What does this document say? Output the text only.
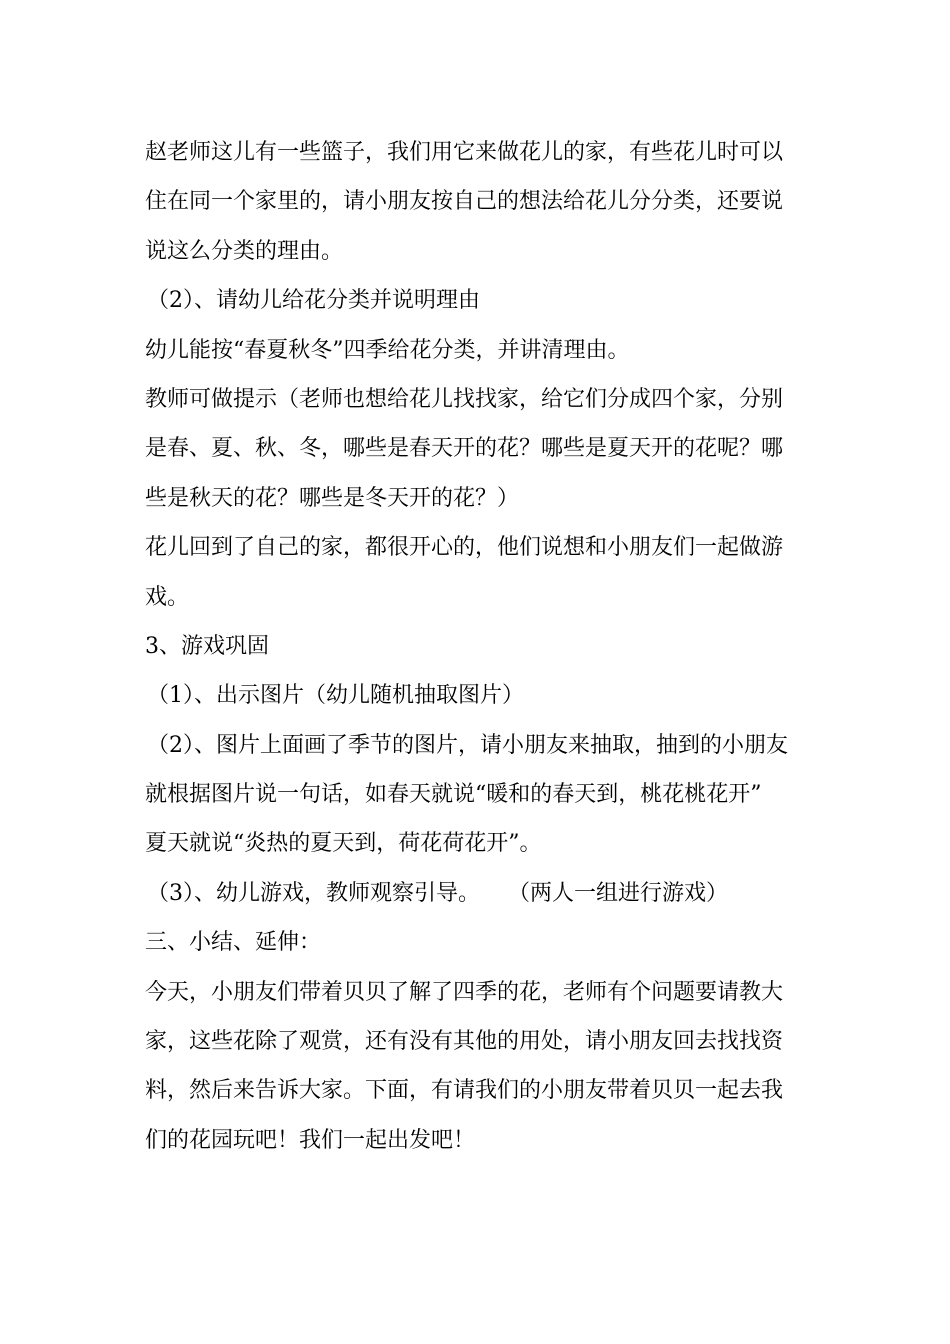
赵老师这儿有一些篮子，我们用它来做花儿的家，有些花儿时可以
住在同一个家里的，请小朋友按自己的想法给花儿分分类，还要说
说这么分类的理由。
（2）、请幼儿给花分类并说明理由
幼儿能按“春夏秋冬”四季给花分类，并讲清理由。
教师可做提示（老师也想给花儿找找家，给它们分成四个家，分别
是春、夏、秋、冬，哪些是春天开的花？哪些是夏天开的花呢？哪
些是秋天的花？哪些是冬天开的花？）
花儿回到了自己的家，都很开心的，他们说想和小朋友们一起做游
戏。
3、游戏巩固
（1）、出示图片（幼儿随机抽取图片）
（2）、图片上面画了季节的图片，请小朋友来抽取，抽到的小朋友
就根据图片说一句话，如春天就说“暖和的春天到，桃花桃花开”
夏天就说“炎热的夏天到，荷花荷花开”。
（3）、幼儿游戏，教师观察引导。    （两人一组进行游戏）
三、小结、延伸：
今天，小朋友们带着贝贝了解了四季的花，老师有个问题要请教大
家，这些花除了观赏，还有没有其他的用处，请小朋友回去找找资
料，然后来告诉大家。下面，有请我们的小朋友带着贝贝一起去我
们的花园玩吧！我们一起出发吧！
